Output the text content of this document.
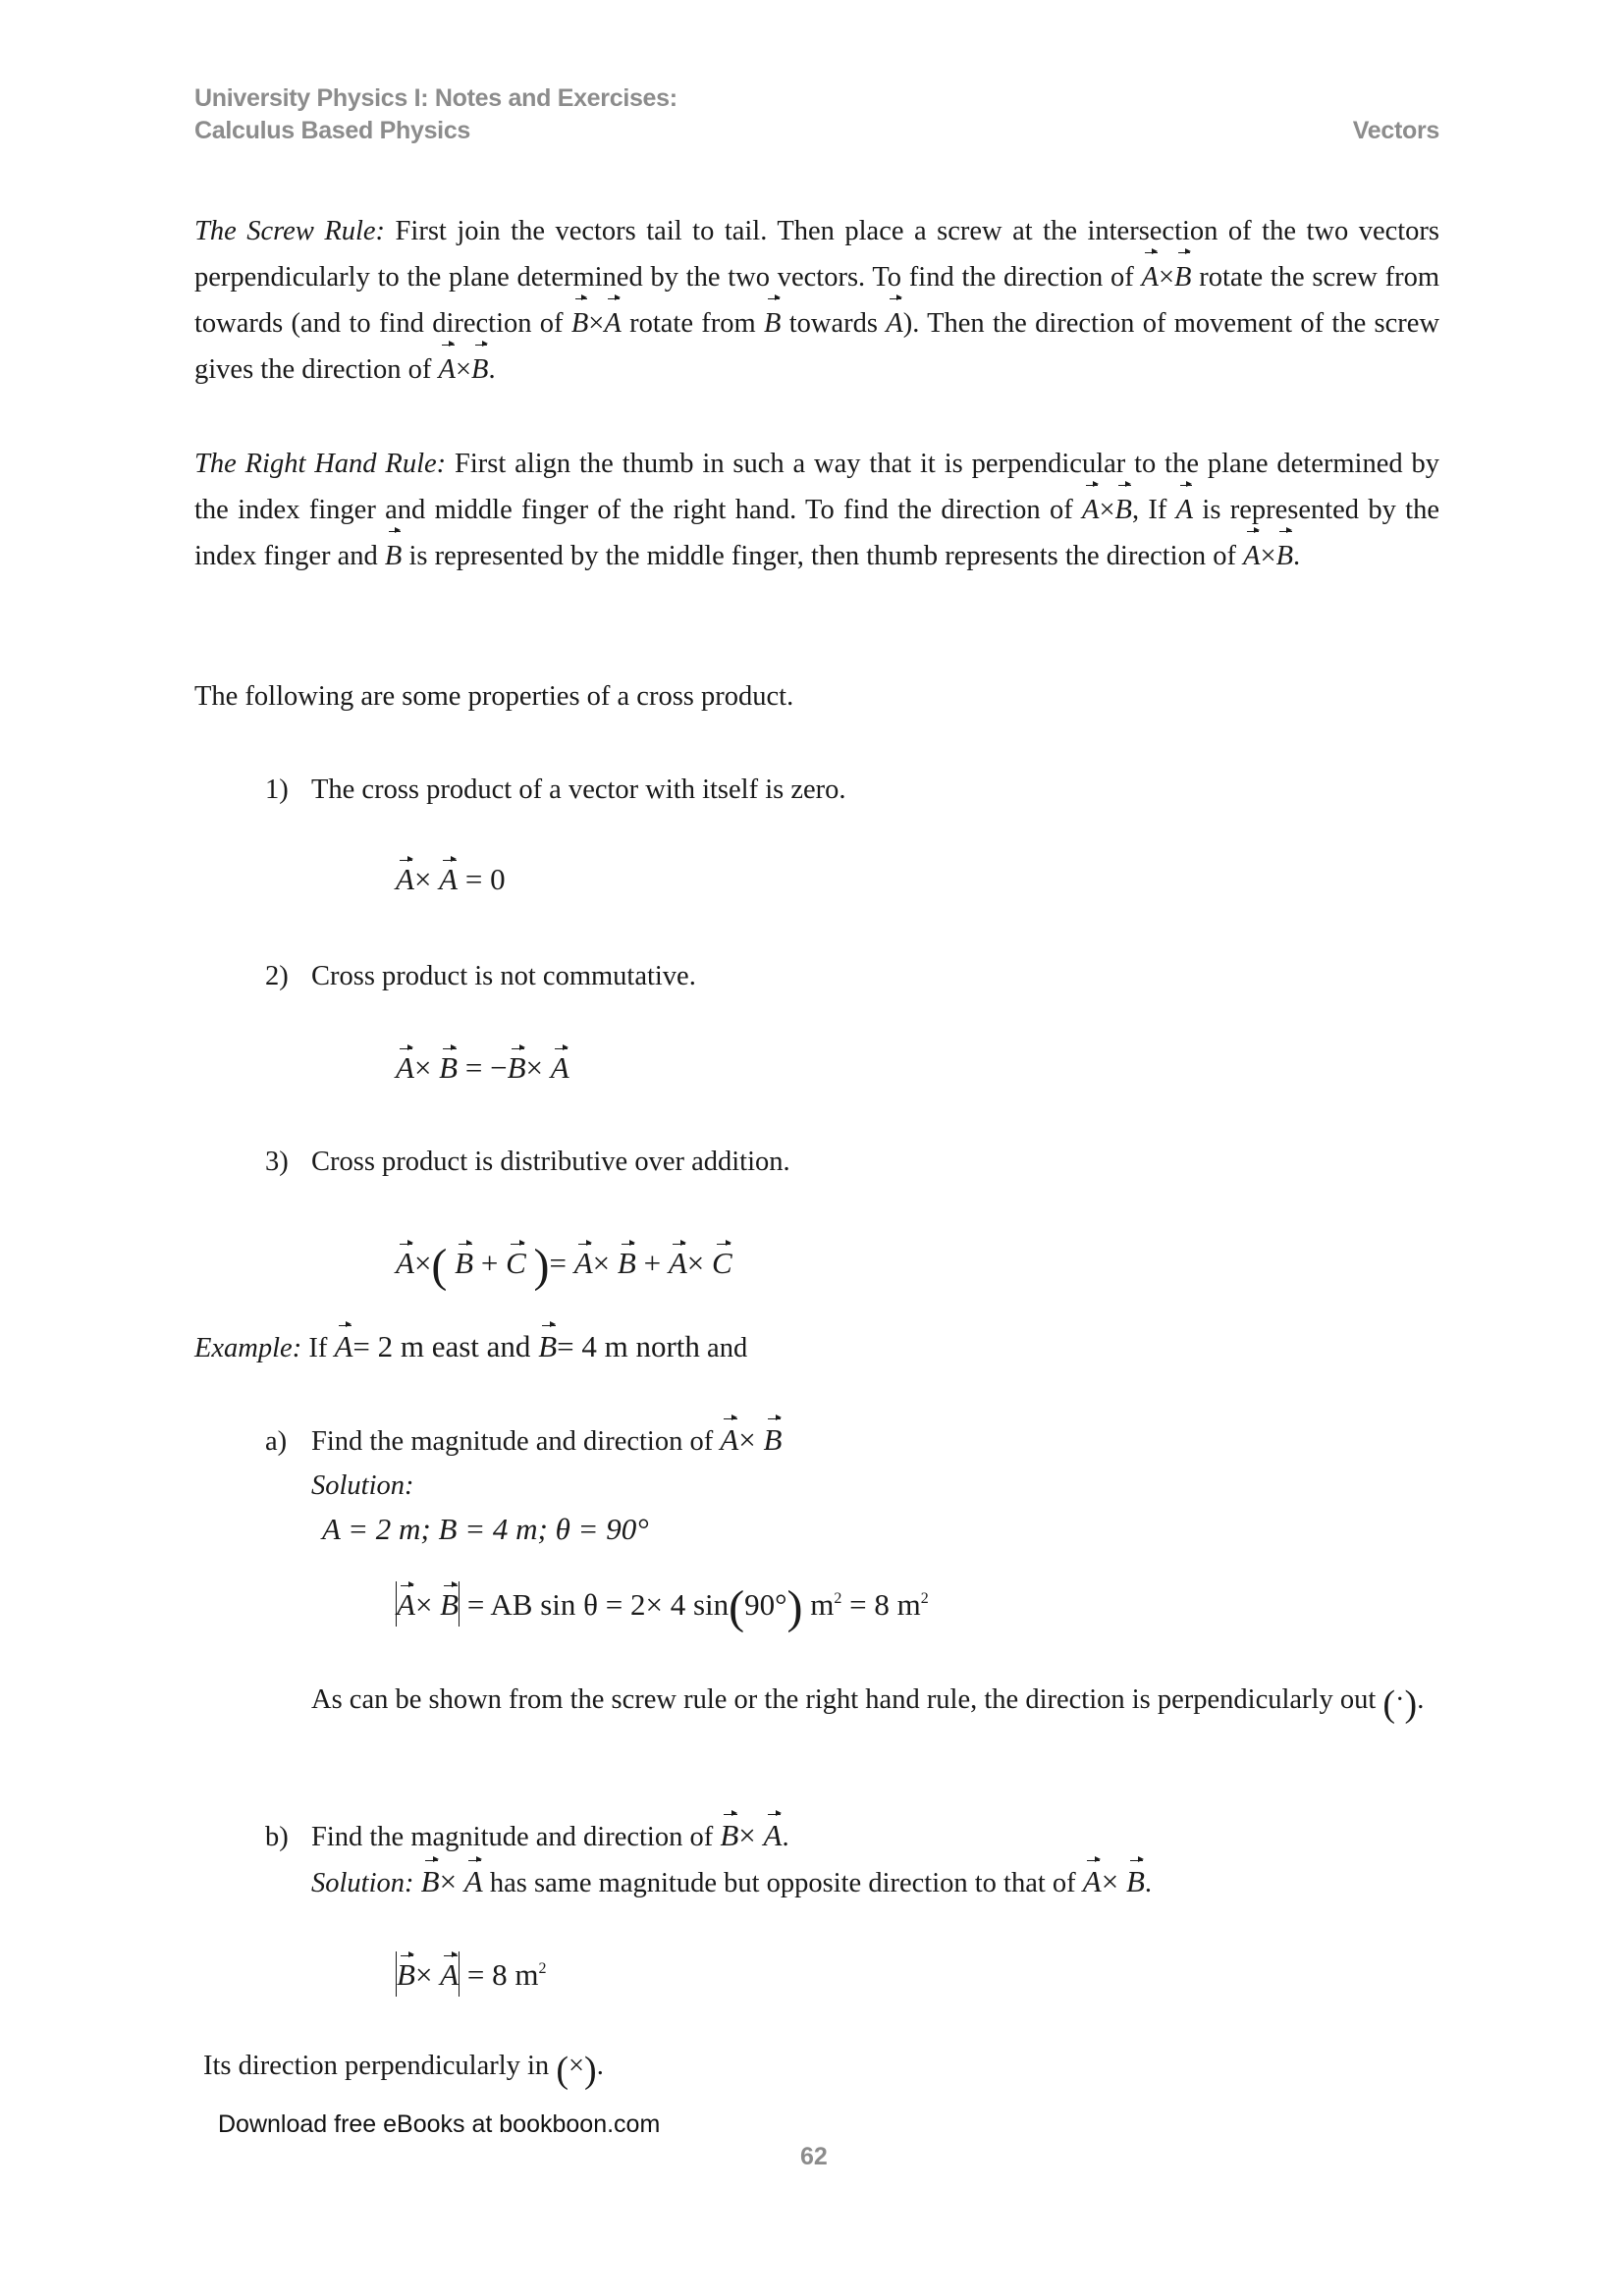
University Physics I: Notes and Exercises:
Calculus Based Physics	Vectors
The Screw Rule: First join the vectors tail to tail. Then place a screw at the intersection of the two vectors perpendicularly to the plane determined by the two vectors. To find the direction of A×B rotate the screw from towards (and to find direction of B×A rotate from B towards A). Then the direction of movement of the screw gives the direction of A×B.
The Right Hand Rule: First align the thumb in such a way that it is perpendicular to the plane determined by the index finger and middle finger of the right hand. To find the direction of A×B, If A is represented by the index finger and B is represented by the middle finger, then thumb represents the direction of A×B.
The following are some properties of a cross product.
1) The cross product of a vector with itself is zero.
A× A = 0
2) Cross product is not commutative.
A× B = −B× A
3) Cross product is distributive over addition.
A×( B + C )= A× B + A× C
Example: If A= 2 m east and B= 4 m north and
a) Find the magnitude and direction of A× B
Solution:
A = 2 m; B = 4 m; θ = 90°
A× B = AB sin θ = 2× 4 sin(90°) $m^2 = 8$ $m^2$
As can be shown from the screw rule or the right hand rule, the direction is perpendicularly out (·).
b) Find the magnitude and direction of B× A.
Solution: B× A has same magnitude but opposite direction to that of A× B.
B× A = 8 $m^2$
Its direction perpendicularly in (×).
Download free eBooks at bookboon.com
62
